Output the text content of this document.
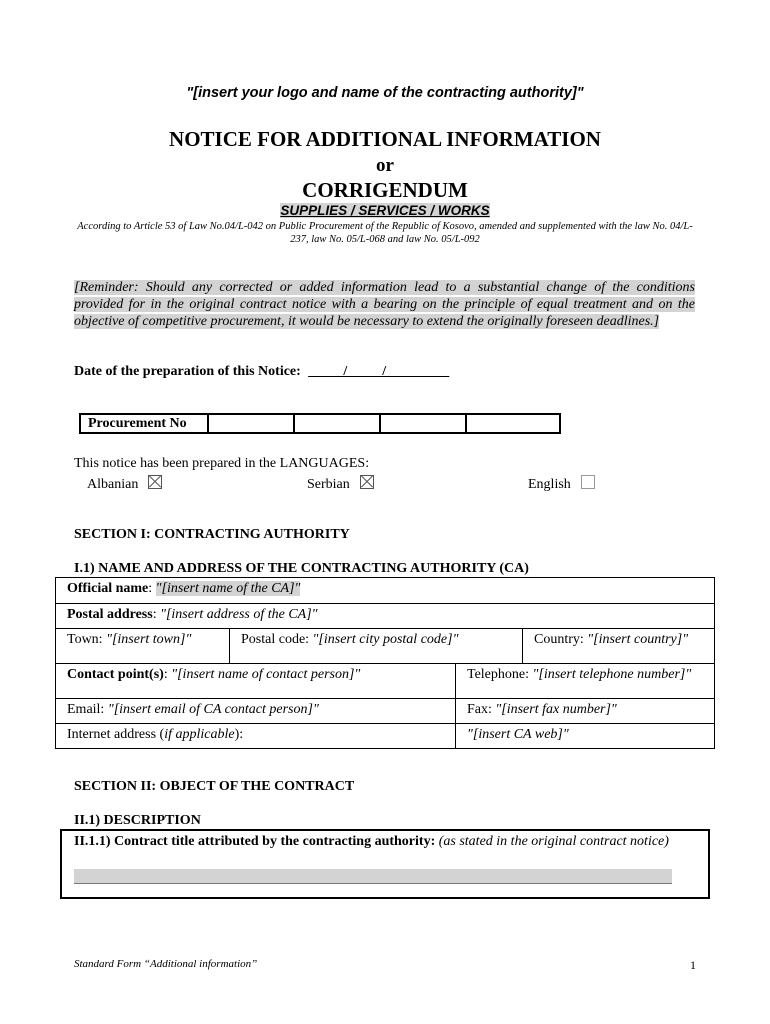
"[insert your logo and name of the contracting authority]"
NOTICE FOR ADDITIONAL INFORMATION
or
CORRIGENDUM
SUPPLIES / SERVICES / WORKS
According to Article 53 of Law No.04/L-042 on Public Procurement of the Republic of Kosovo, amended and supplemented with the law No. 04/L-237, law No. 05/L-068 and law No. 05/L-092
[Reminder: Should any corrected or added information lead to a substantial change of the conditions provided for in the original contract notice with a bearing on the principle of equal treatment and on the objective of competitive procurement, it would be necessary to extend the originally foreseen deadlines.]
Date of the preparation of this Notice: _____/_____/_________
Procurement No				
This notice has been prepared in the LANGUAGES:
Albanian	Serbian	English
SECTION I: CONTRACTING AUTHORITY
I.1) NAME AND ADDRESS OF THE CONTRACTING AUTHORITY (CA)
Official name: "[insert name of the CA]"
Postal address: "[insert address of the CA]"
Town: "[insert town]"	Postal code: "[insert city postal code]"	Country: "[insert country]"
Contact point(s): "[insert name of contact person]"	Telephone: "[insert telephone number]"
Email: "[insert email of CA contact person]"	Fax: "[insert fax number]"
Internet address (if applicable):	"[insert CA web]"
SECTION II: OBJECT OF THE CONTRACT
II.1) DESCRIPTION
II.1.1) Contract title attributed by the contracting authority: (as stated in the original contract notice)
Standard Form “Additional information”	1
